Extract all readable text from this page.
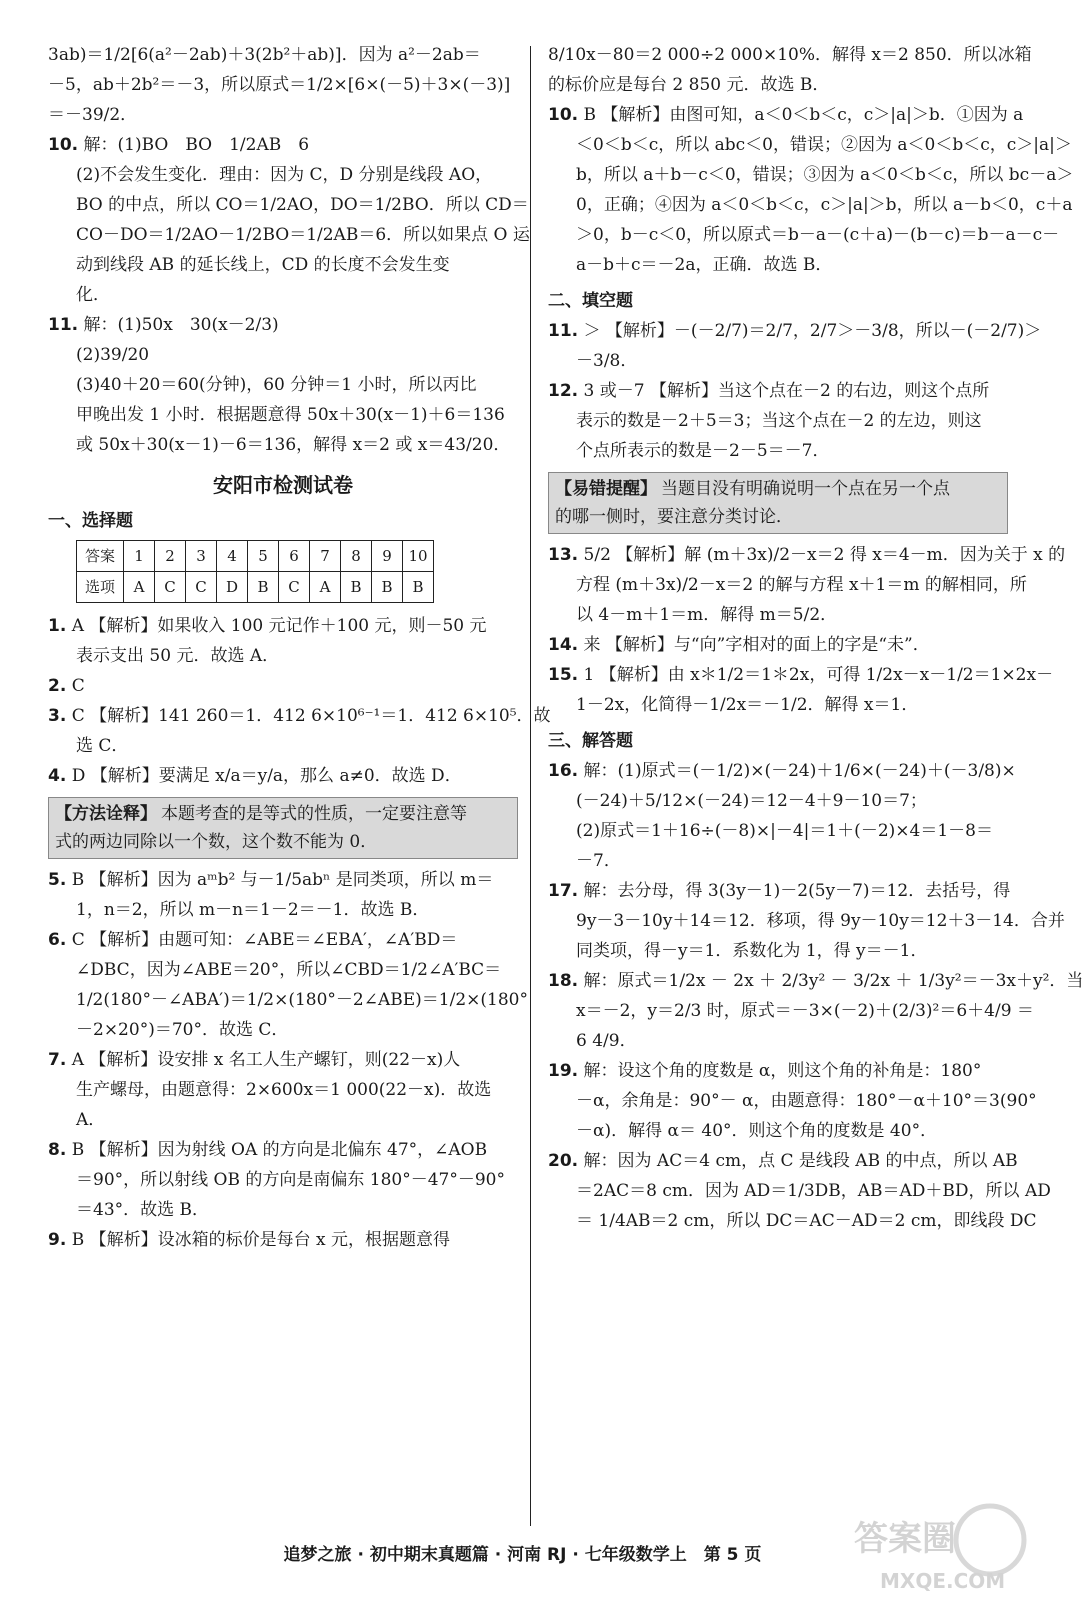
3ab)＝1/2[6(a²－2ab)＋3(2b²＋ab)]．因为 a²－2ab＝
－5，ab＋2b²＝－3，所以原式＝1/2×[6×(－5)＋3×(－3)]
＝－39/2．
10. 解：(1)BO　BO　1/2AB　6
(2)不会发生变化．理由：因为 C，D 分别是线段 AO，
BO 的中点，所以 CO＝1/2AO，DO＝1/2BO．所以 CD＝
CO－DO＝1/2AO－1/2BO＝1/2AB＝6．所以如果点 O 运
动到线段 AB 的延长线上，CD 的长度不会发生变
化．
11. 解：(1)50x　30(x－2/3)
(2)39/20
(3)40＋20＝60(分钟)，60 分钟＝1 小时，所以丙比
甲晚出发 1 小时．根据题意得 50x＋30(x－1)＋6＝136
或 50x＋30(x－1)－6＝136，解得 x＝2 或 x＝43/20．
安阳市检测试卷
一、选择题
答案	1	2	3	4	5	6	7	8	9	10
选项	A	C	C	D	B	C	A	B	B	B
1. A 【解析】如果收入 100 元记作＋100 元，则－50 元
表示支出 50 元．故选 A．
2. C
3. C 【解析】141 260＝1．412 6×10⁶⁻¹＝1．412 6×10⁵．故
选 C．
4. D 【解析】要满足 x/a＝y/a，那么 a≠0．故选 D．
【方法诠释】 本题考查的是等式的性质，一定要注意等
式的两边同除以一个数，这个数不能为 0．
5. B 【解析】因为 aᵐb² 与－1/5abⁿ 是同类项，所以 m＝
1，n＝2，所以 m－n＝1－2＝－1．故选 B．
6. C 【解析】由题可知：∠ABE＝∠EBA′，∠A′BD＝
∠DBC，因为∠ABE＝20°，所以∠CBD＝1/2∠A′BC＝
1/2(180°－∠ABA′)＝1/2×(180°－2∠ABE)＝1/2×(180°
－2×20°)＝70°．故选 C．
7. A 【解析】设安排 x 名工人生产螺钉，则(22－x)人
生产螺母，由题意得：2×600x＝1 000(22－x)．故选
A．
8. B 【解析】因为射线 OA 的方向是北偏东 47°，∠AOB
＝90°，所以射线 OB 的方向是南偏东 180°－47°－90°
＝43°．故选 B．
9. B 【解析】设冰箱的标价是每台 x 元，根据题意得
8/10x－80＝2 000÷2 000×10%．解得 x＝2 850．所以冰箱
的标价应是每台 2 850 元．故选 B．
10. B 【解析】由图可知，a＜0＜b＜c，c＞|a|＞b．①因为 a
＜0＜b＜c，所以 abc＜0，错误；②因为 a＜0＜b＜c，c＞|a|＞
b，所以 a＋b－c＜0，错误；③因为 a＜0＜b＜c，所以 bc－a＞
0，正确；④因为 a＜0＜b＜c，c＞|a|＞b，所以 a－b＜0，c＋a
＞0，b－c＜0，所以原式＝b－a－(c＋a)－(b－c)＝b－a－c－
a－b＋c＝－2a，正确．故选 B．
二、填空题
11. ＞ 【解析】－(－2/7)＝2/7，2/7＞－3/8，所以－(－2/7)＞
－3/8．
12. 3 或－7 【解析】当这个点在－2 的右边，则这个点所
表示的数是－2＋5＝3；当这个点在－2 的左边，则这
个点所表示的数是－2－5＝－7．
【易错提醒】 当题目没有明确说明一个点在另一个点
的哪一侧时，要注意分类讨论．
13. 5/2 【解析】解 (m＋3x)/2－x＝2 得 x＝4－m．因为关于 x 的
方程 (m＋3x)/2－x＝2 的解与方程 x＋1＝m 的解相同，所
以 4－m＋1＝m．解得 m＝5/2．
14. 来 【解析】与“向”字相对的面上的字是“未”．
15. 1 【解析】由 x＊1/2＝1＊2x，可得 1/2x－x－1/2＝1×2x－
1－2x，化简得－1/2x＝－1/2．解得 x＝1．
三、解答题
16. 解：(1)原式＝(－1/2)×(－24)＋1/6×(－24)＋(－3/8)×
(－24)＋5/12×(－24)＝12－4＋9－10＝7；
(2)原式＝1＋16÷(－8)×|－4|＝1＋(－2)×4＝1－8＝
－7．
17. 解：去分母，得 3(3y－1)－2(5y－7)＝12．去括号，得
9y－3－10y＋14＝12．移项，得 9y－10y＝12＋3－14．合并
同类项，得－y＝1．系数化为 1，得 y＝－1．
18. 解：原式＝1/2x － 2x ＋ 2/3y² － 3/2x ＋ 1/3y²＝－3x＋y²．当
x＝－2，y＝2/3 时，原式＝－3×(－2)＋(2/3)²＝6＋4/9 ＝
6 4/9．
19. 解：设这个角的度数是 α，则这个角的补角是：180°
－α，余角是：90°－ α，由题意得：180°－α＋10°＝3(90°
－α)．解得 α＝ 40°．则这个角的度数是 40°．
20. 解：因为 AC＝4 cm，点 C 是线段 AB 的中点，所以 AB
＝2AC＝8 cm．因为 AD＝1/3DB，AB＝AD＋BD，所以 AD
＝ 1/4AB＝2 cm，所以 DC＝AC－AD＝2 cm，即线段 DC
追梦之旅 · 初中期末真题篇 · 河南 RJ · 七年级数学上　第 5 页	答案圈
MXQE.COM
